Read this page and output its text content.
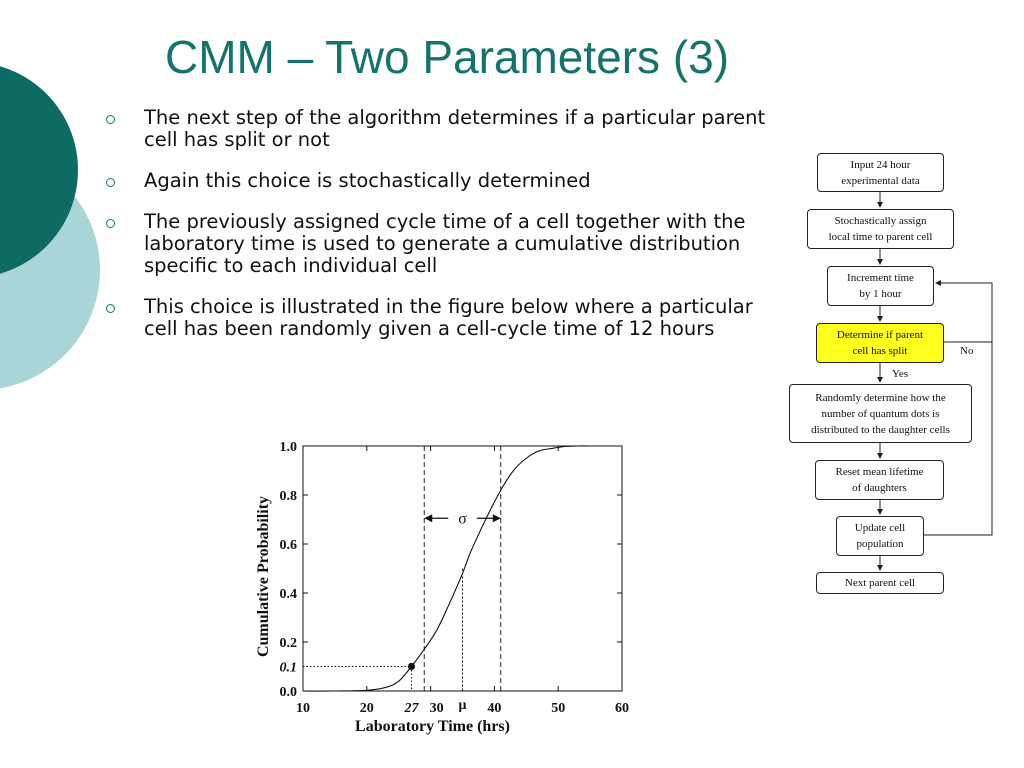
CMM – Two Parameters (3)
The next step of the algorithm determines if a particular parent cell has split or not
Again this choice is stochastically determined
The previously assigned cycle time of a cell together with the laboratory time is used to generate a cumulative distribution specific to each individual cell
This choice is illustrated in the figure below where a particular cell has been randomly given a cell-cycle time of 12 hours
Input 24 hour
experimental data
Stochastically assign
local time to parent cell
Increment time
by 1 hour
Determine if parent
cell has split
Randomly determine how the
number of quantum dots is
distributed to the daughter cells
Reset mean lifetime
of daughters
Update cell
population
Next parent cell
Yes
No
10	20	30	40	50	60
0.0
0.2
0.4
0.6
0.8
1.0
Laboratory Time (hrs)
Cumulative Probability
μ
σ
27
0.1
